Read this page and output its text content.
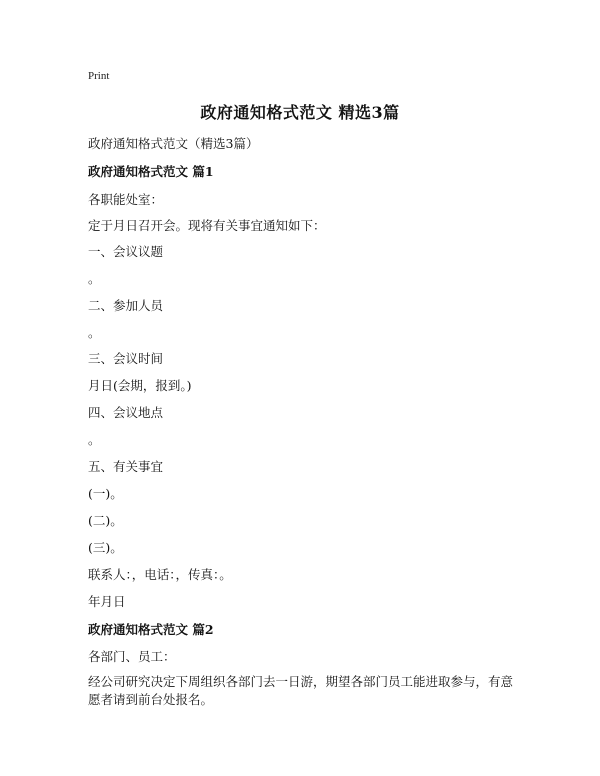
Print
政府通知格式范文 精选3篇
政府通知格式范文（精选3篇）
政府通知格式范文 篇1
各职能处室：
定于月日召开会。现将有关事宜通知如下：
一、会议议题
。
二、参加人员
。
三、会议时间
月日(会期，报到。)
四、会议地点
。
五、有关事宜
(一)。
(二)。
(三)。
联系人：，电话：，传真：。
年月日
政府通知格式范文 篇2
各部门、员工：
经公司研究决定下周组织各部门去一日游，期望各部门员工能进取参与，有意愿者请到前台处报名。
